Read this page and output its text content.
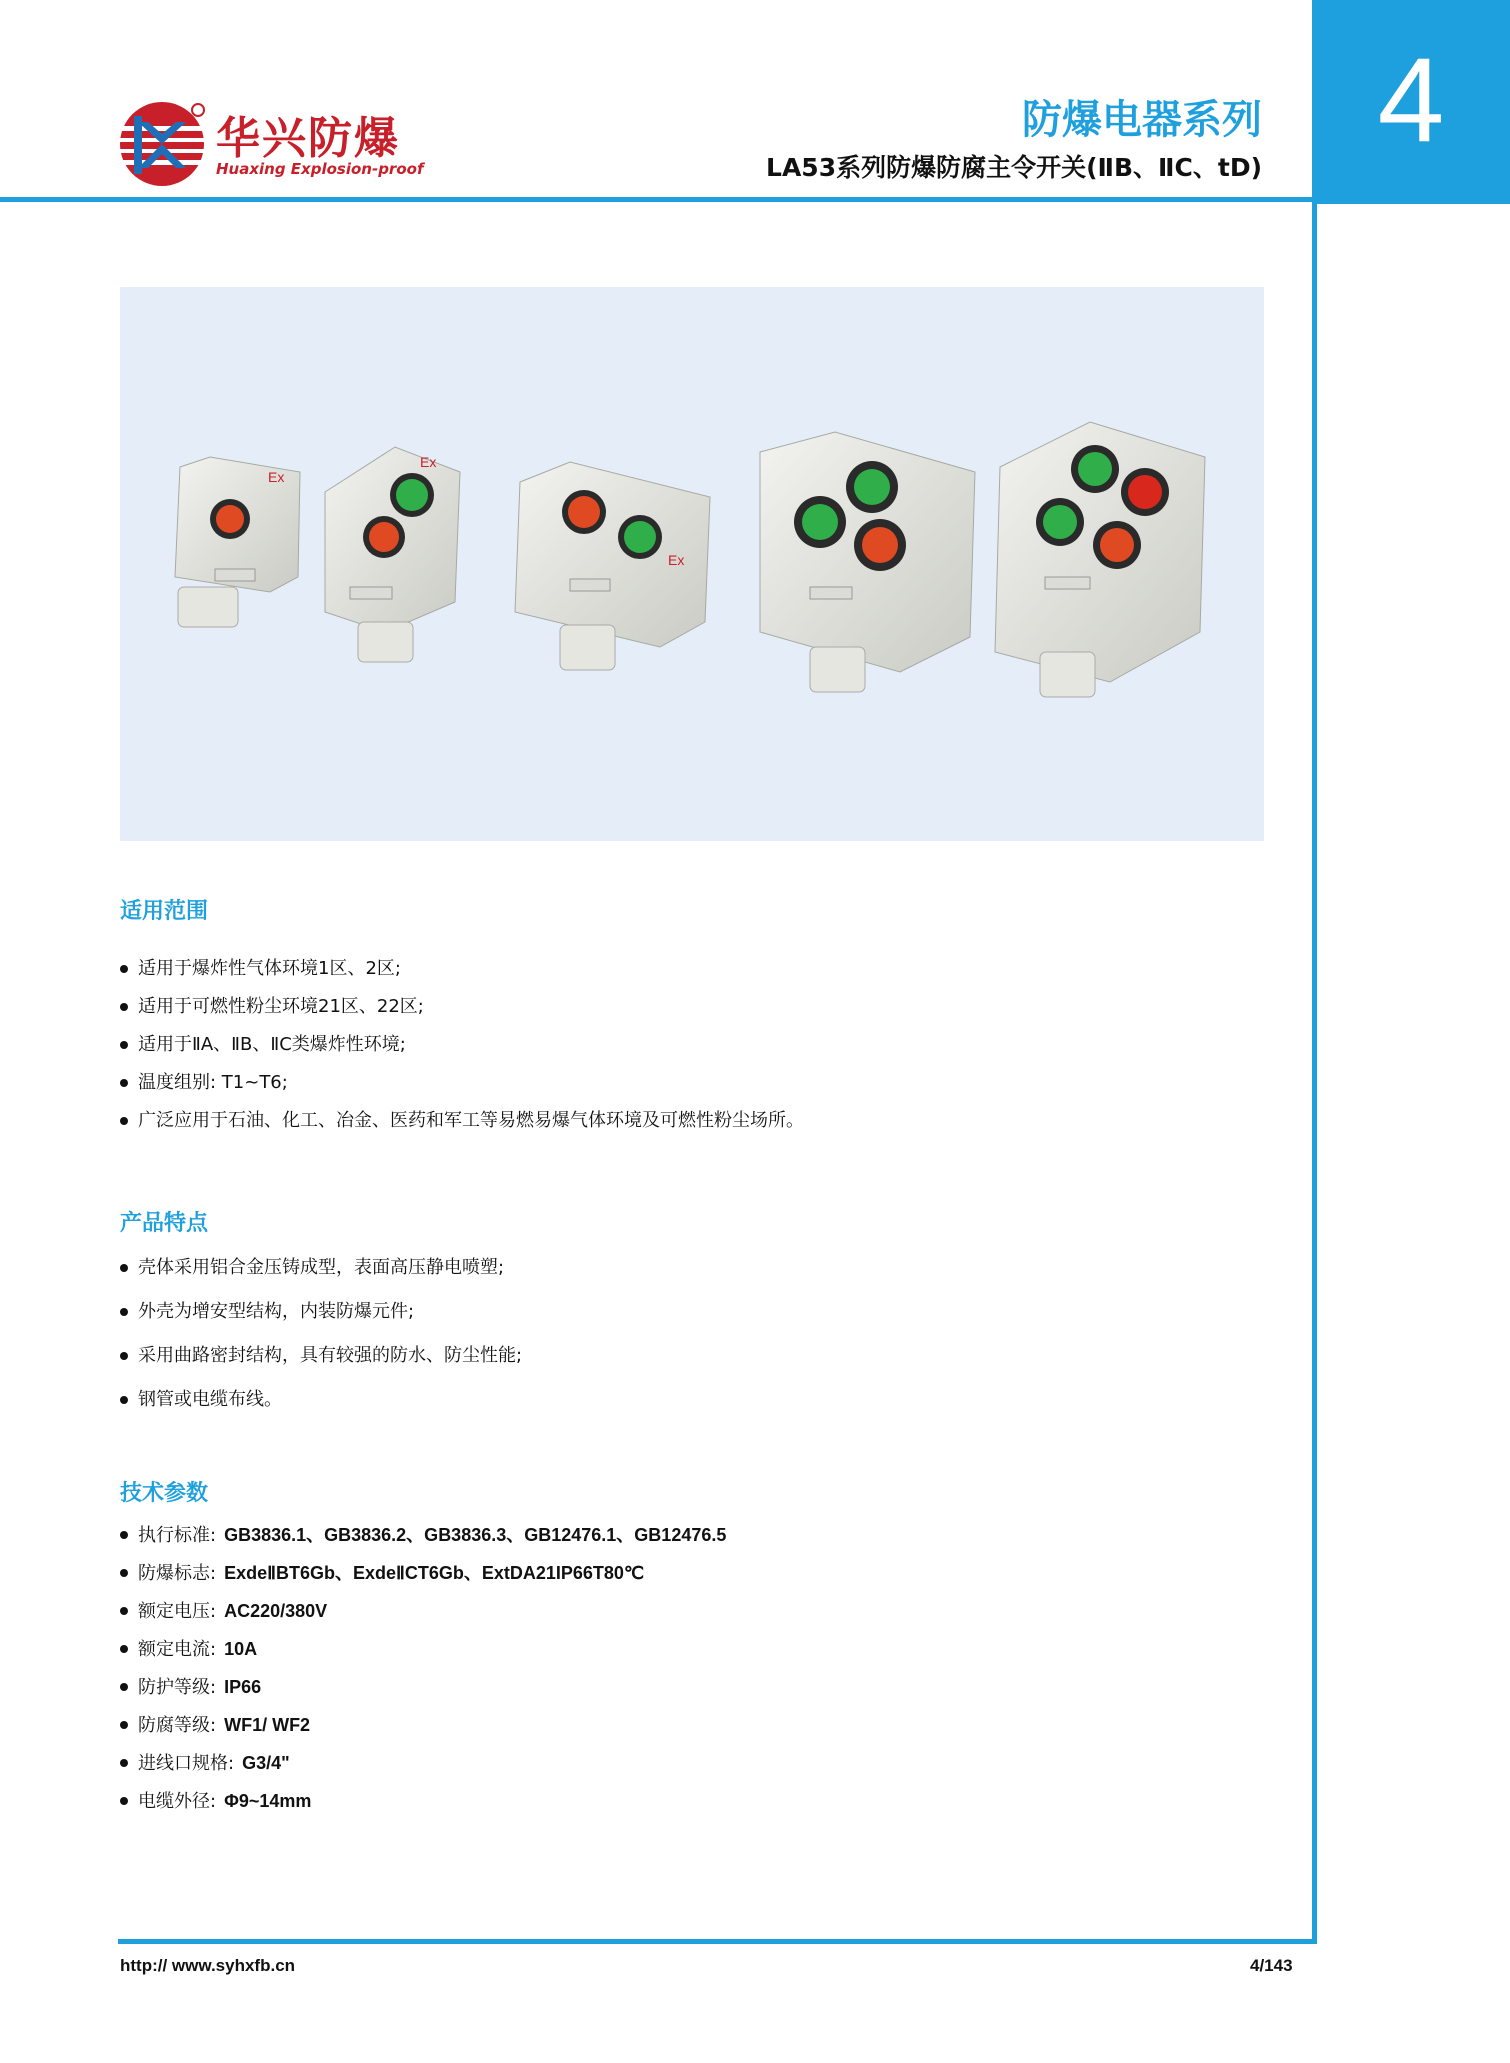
华兴防爆
Huaxing Explosion-proof
防爆电器系列
LA53系列防爆防腐主令开关(ⅡB、ⅡC、tD)
4
Ex
Ex
Ex
适用范围
适用于爆炸性气体环境1区、2区;
适用于可燃性粉尘环境21区、22区;
适用于ⅡA、ⅡB、ⅡC类爆炸性环境;
温度组别: T1~T6;
广泛应用于石油、化工、冶金、医药和军工等易燃易爆气体环境及可燃性粉尘场所。
产品特点
壳体采用铝合金压铸成型，表面高压静电喷塑;
外壳为增安型结构，内装防爆元件;
采用曲路密封结构，具有较强的防水、防尘性能;
钢管或电缆布线。
技术参数
执行标准: GB3836.1、GB3836.2、GB3836.3、GB12476.1、GB12476.5
防爆标志: ExdeⅡBT6Gb、ExdeⅡCT6Gb、ExtDA21IP66T80℃
额定电压: AC220/380V
额定电流: 10A
防护等级: IP66
防腐等级: WF1/ WF2
进线口规格: G3/4"
电缆外径: Φ9~14mm
http:// www.syhxfb.cn	4/143
